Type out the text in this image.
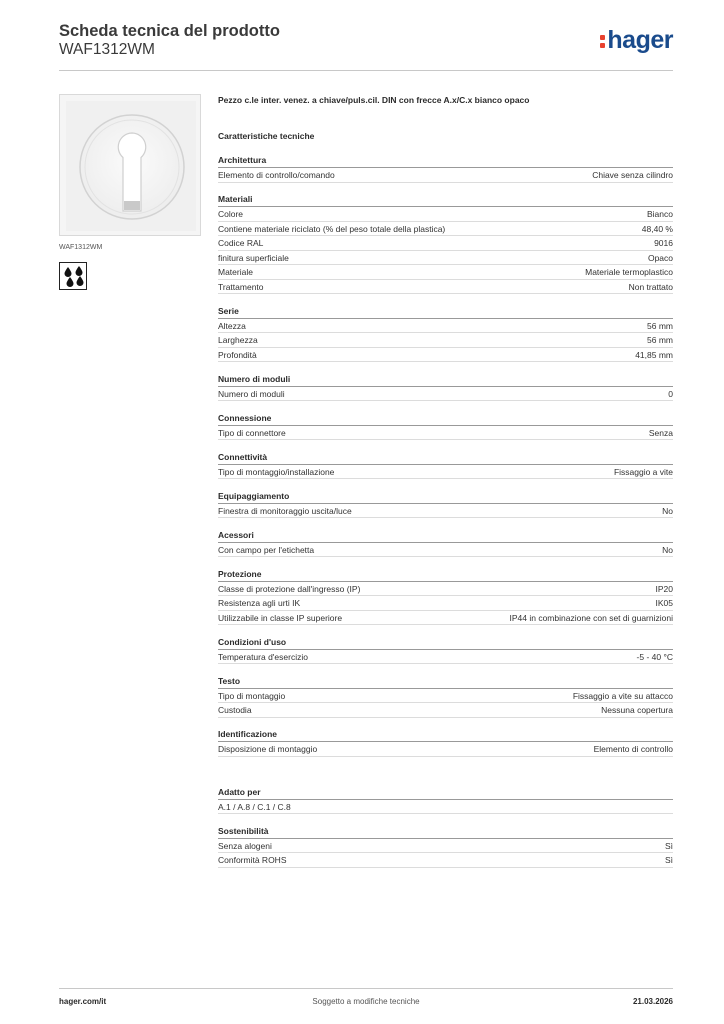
Scheda tecnica del prodotto
WAF1312WM	hager
WAF1312WM
Pezzo c.le inter. venez. a chiave/puls.cil. DIN con frecce A.x/C.x bianco opaco
Caratteristiche tecniche
Architettura
Elemento di controllo/comando	Chiave senza cilindro
Materiali
Colore	Bianco
Contiene materiale riciclato (% del peso totale della plastica)	48,40 %
Codice RAL	9016
finitura superficiale	Opaco
Materiale	Materiale termoplastico
Trattamento	Non trattato
Serie
Altezza	56 mm
Larghezza	56 mm
Profondità	41,85 mm
Numero di moduli
Numero di moduli	0
Connessione
Tipo di connettore	Senza
Connettività
Tipo di montaggio/installazione	Fissaggio a vite
Equipaggiamento
Finestra di monitoraggio uscita/luce	No
Acessori
Con campo per l'etichetta	No
Protezione
Classe di protezione dall'ingresso (IP)	IP20
Resistenza agli urti IK	IK05
Utilizzabile in classe IP superiore	IP44 in combinazione con set di guarnizioni
Condizioni d'uso
Temperatura d'esercizio	-5 - 40 °C
Testo
Tipo di montaggio	Fissaggio a vite su attacco
Custodia	Nessuna copertura
Identificazione
Disposizione di montaggio	Elemento di controllo
Adatto per
A.1 / A.8 / C.1 / C.8
Sostenibilità
Senza alogeni	Sì
Conformità ROHS	Sì
hager.com/it	Soggetto a modifiche tecniche	21.03.2026
